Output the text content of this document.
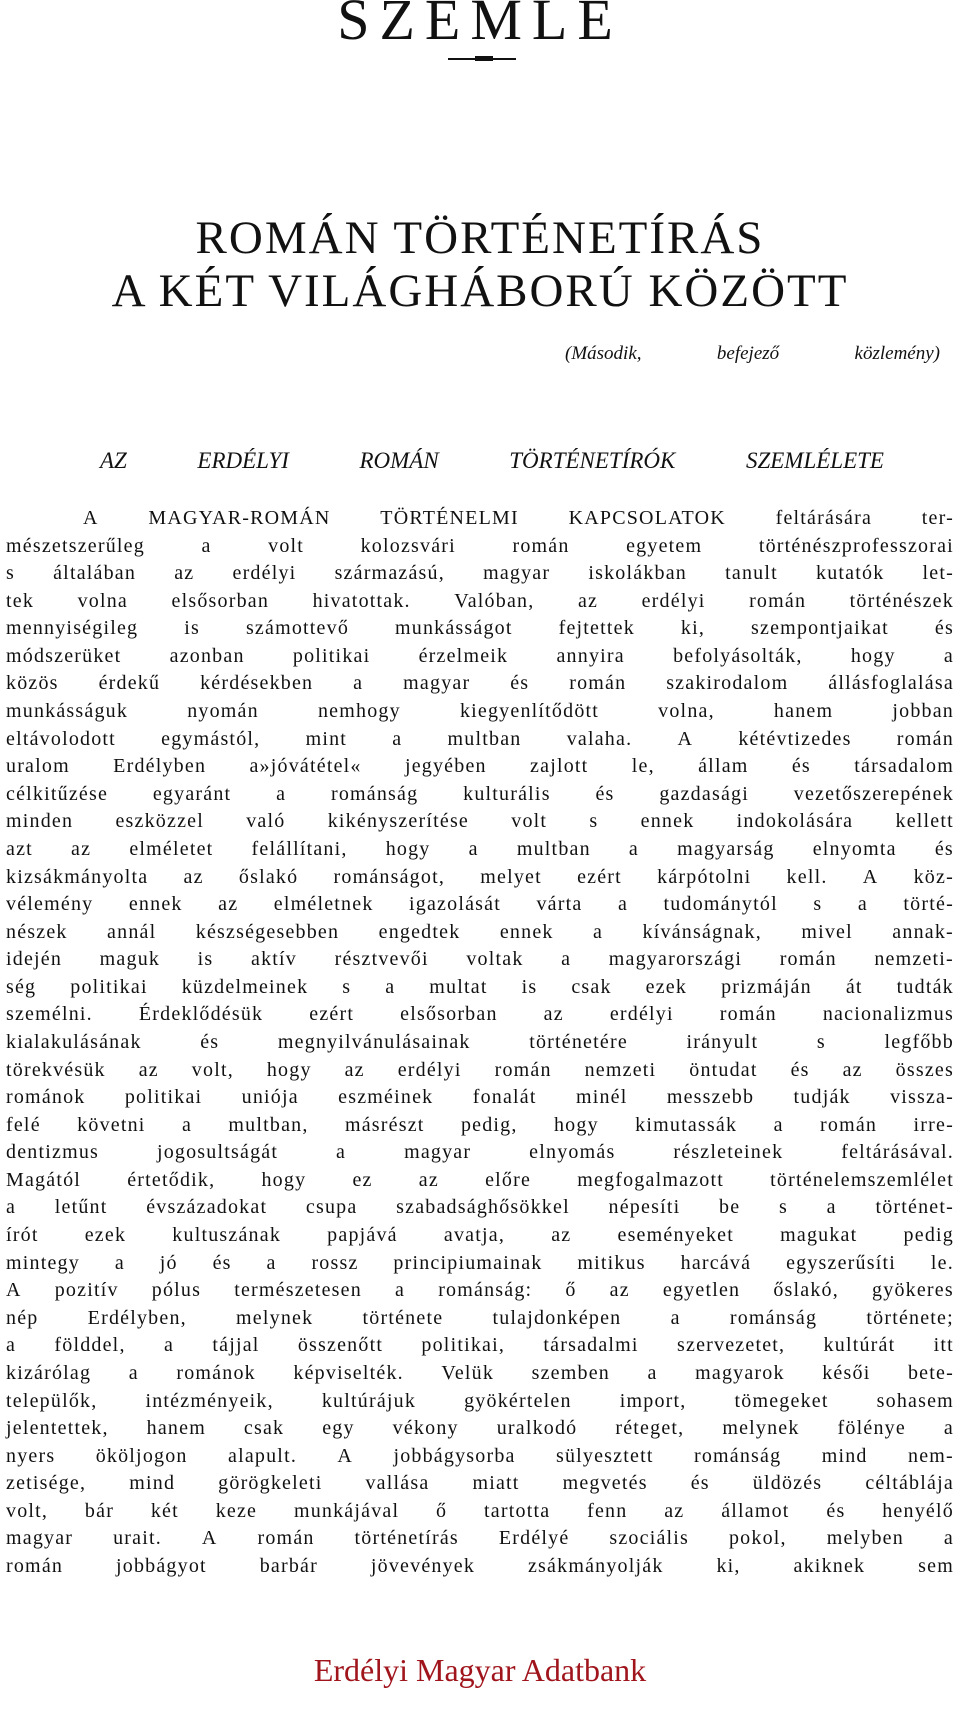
SZEMLE
ROMÁN TÖRTÉNETÍRÁS
A KÉT VILÁGHÁBORÚ KÖZÖTT
(Második,	befejező	közlemény)
AZ	ERDÉLYI	ROMÁN	TÖRTÉNETÍRÓK	SZEMLÉLETE
A MAGYAR-ROMÁN TÖRTÉNELMI KAPCSOLATOK feltárására ter-
mészetszerűleg	a	volt	kolozsvári	román	egyetem	történészprofesszorai
s általában az erdélyi származású, magyar iskolákban tanult kutatók let-
tek volna elsősorban hivatottak. Valóban, az erdélyi román történészek
mennyiségileg is számottevő munkásságot fejtettek ki, szempontjaikat és
módszerüket azonban politikai érzelmeik annyira befolyásolták, hogy a
közös érdekű kérdésekben a magyar és román szakirodalom állásfoglalása
munkásságuk	nyomán	nemhogy	kiegyenlítődött	volna,	hanem	jobban
eltávolodott egymástól, mint a multban valaha. A kétévtizedes román
uralom Erdélyben a»jóvátétel« jegyében zajlott le, állam és társadalom
célkitűzése egyaránt a románság kulturális és gazdasági vezetőszerepének
minden eszközzel való kikényszerítése volt s ennek indokolására kellett
azt az elméletet felállítani, hogy a multban a magyarság elnyomta és
kizsákmányolta az őslakó románságot, melyet ezért kárpótolni kell. A köz-
vélemény ennek az elméletnek igazolását várta a tudománytól s a törté-
nészek annál készségesebben engedtek ennek a kívánságnak, mivel annak-
idején maguk is aktív résztvevői voltak a magyarországi román nemzeti-
ség politikai küzdelmeinek s a multat is csak ezek prizmáján át tudták
személni. Érdeklődésük ezért elsősorban az erdélyi román nacionalizmus
kialakulásának	és	megnyilvánulásainak	történetére	irányult	s	legfőbb
törekvésük az volt, hogy az erdélyi román nemzeti öntudat és az összes
románok politikai uniója eszméinek fonalát minél messzebb tudják vissza-
felé követni a multban, másrészt pedig, hogy kimutassák a román irre-
dentizmus	jogosultságát	a	magyar	elnyomás	részleteinek	feltárásával.
Magától értetődik, hogy ez az előre megfogalmazott történelemszemlélet
a letűnt évszázadokat csupa szabadsághősökkel népesíti be s a történet-
írót ezek kultuszának papjává avatja, az eseményeket magukat pedig
mintegy a jó és a rossz principiumainak mitikus harcává egyszerűsíti le.
A pozitív pólus természetesen a románság: ő az egyetlen őslakó, gyökeres
nép Erdélyben, melynek története tulajdonképen a románság története;
a földdel, a tájjal összenőtt politikai, társadalmi szervezetet, kultúrát itt
kizárólag a románok képviselték. Velük szemben a magyarok késői bete-
települők, intézményeik, kultúrájuk gyökértelen import, tömegeket sohasem
jelentettek, hanem csak egy vékony uralkodó réteget, melynek fölénye a
nyers ököljogon alapult. A jobbágysorba sülyesztett románság mind nem-
zetisége, mind görögkeleti vallása miatt megvetés és üldözés céltáblája
volt, bár két keze munkájával ő tartotta fenn az államot és henyélő
magyar urait. A román történetírás Erdélyé szociális pokol, melyben a
román	jobbágyot	barbár	jövevények	zsákmányolják	ki,	akiknek	sem
Erdélyi Magyar Adatbank
